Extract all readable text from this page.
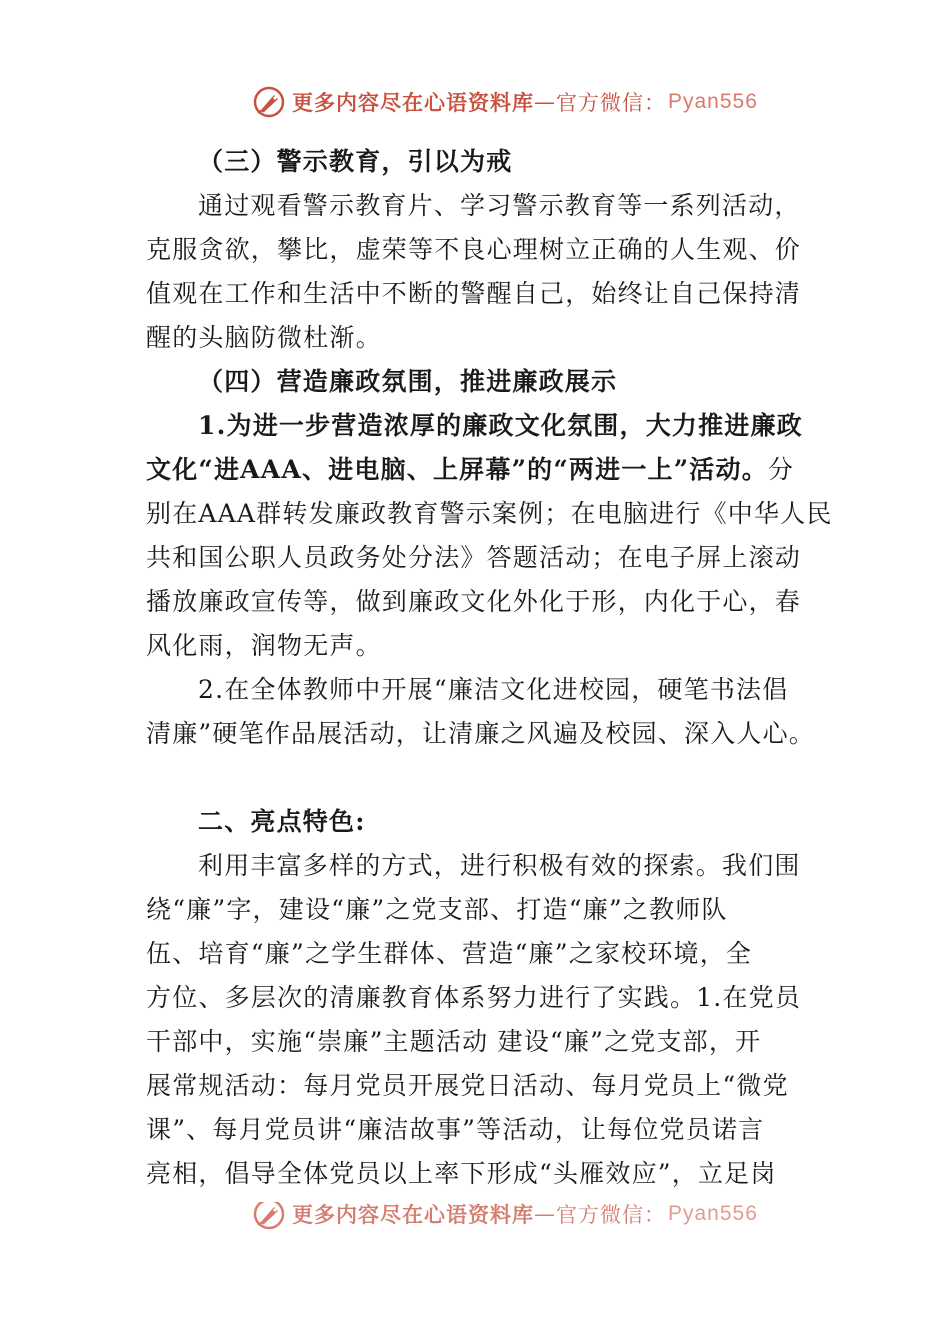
更多内容尽在心语资料库 — 官方微信： Pyan556
（三）警示教育，引以为戒
通过观看警示教育片、学习警示教育等一系列活动，
克服贪欲，攀比，虚荣等不良心理树立正确的人生观、价
值观在工作和生活中不断的警醒自己，始终让自己保持清
醒的头脑防微杜渐。
（四）营造廉政氛围，推进廉政展示
1.为进一步营造浓厚的廉政文化氛围，大力推进廉政
文化“进AAA、进电脑、上屏幕”的“两进一上”活动。分
别在AAA群转发廉政教育警示案例；在电脑进行《中华人民
共和国公职人员政务处分法》答题活动；在电子屏上滚动
播放廉政宣传等，做到廉政文化外化于形，内化于心，春
风化雨，润物无声。
2.在全体教师中开展“廉洁文化进校园，硬笔书法倡
清廉”硬笔作品展活动，让清廉之风遍及校园、深入人心。
二、亮点特色:
利用丰富多样的方式，进行积极有效的探索。我们围
绕“廉”字，建设“廉”之党支部、打造“廉”之教师队
伍、培育“廉”之学生群体、营造“廉”之家校环境，全
方位、多层次的清廉教育体系努力进行了实践。1.在党员
干部中，实施“崇廉”主题活动 建设“廉”之党支部，开
展常规活动：每月党员开展党日活动、每月党员上“微党
课”、每月党员讲“廉洁故事”等活动，让每位党员诺言
亮相，倡导全体党员以上率下形成“头雁效应”，立足岗
更多内容尽在心语资料库 — 官方微信： Pyan556
